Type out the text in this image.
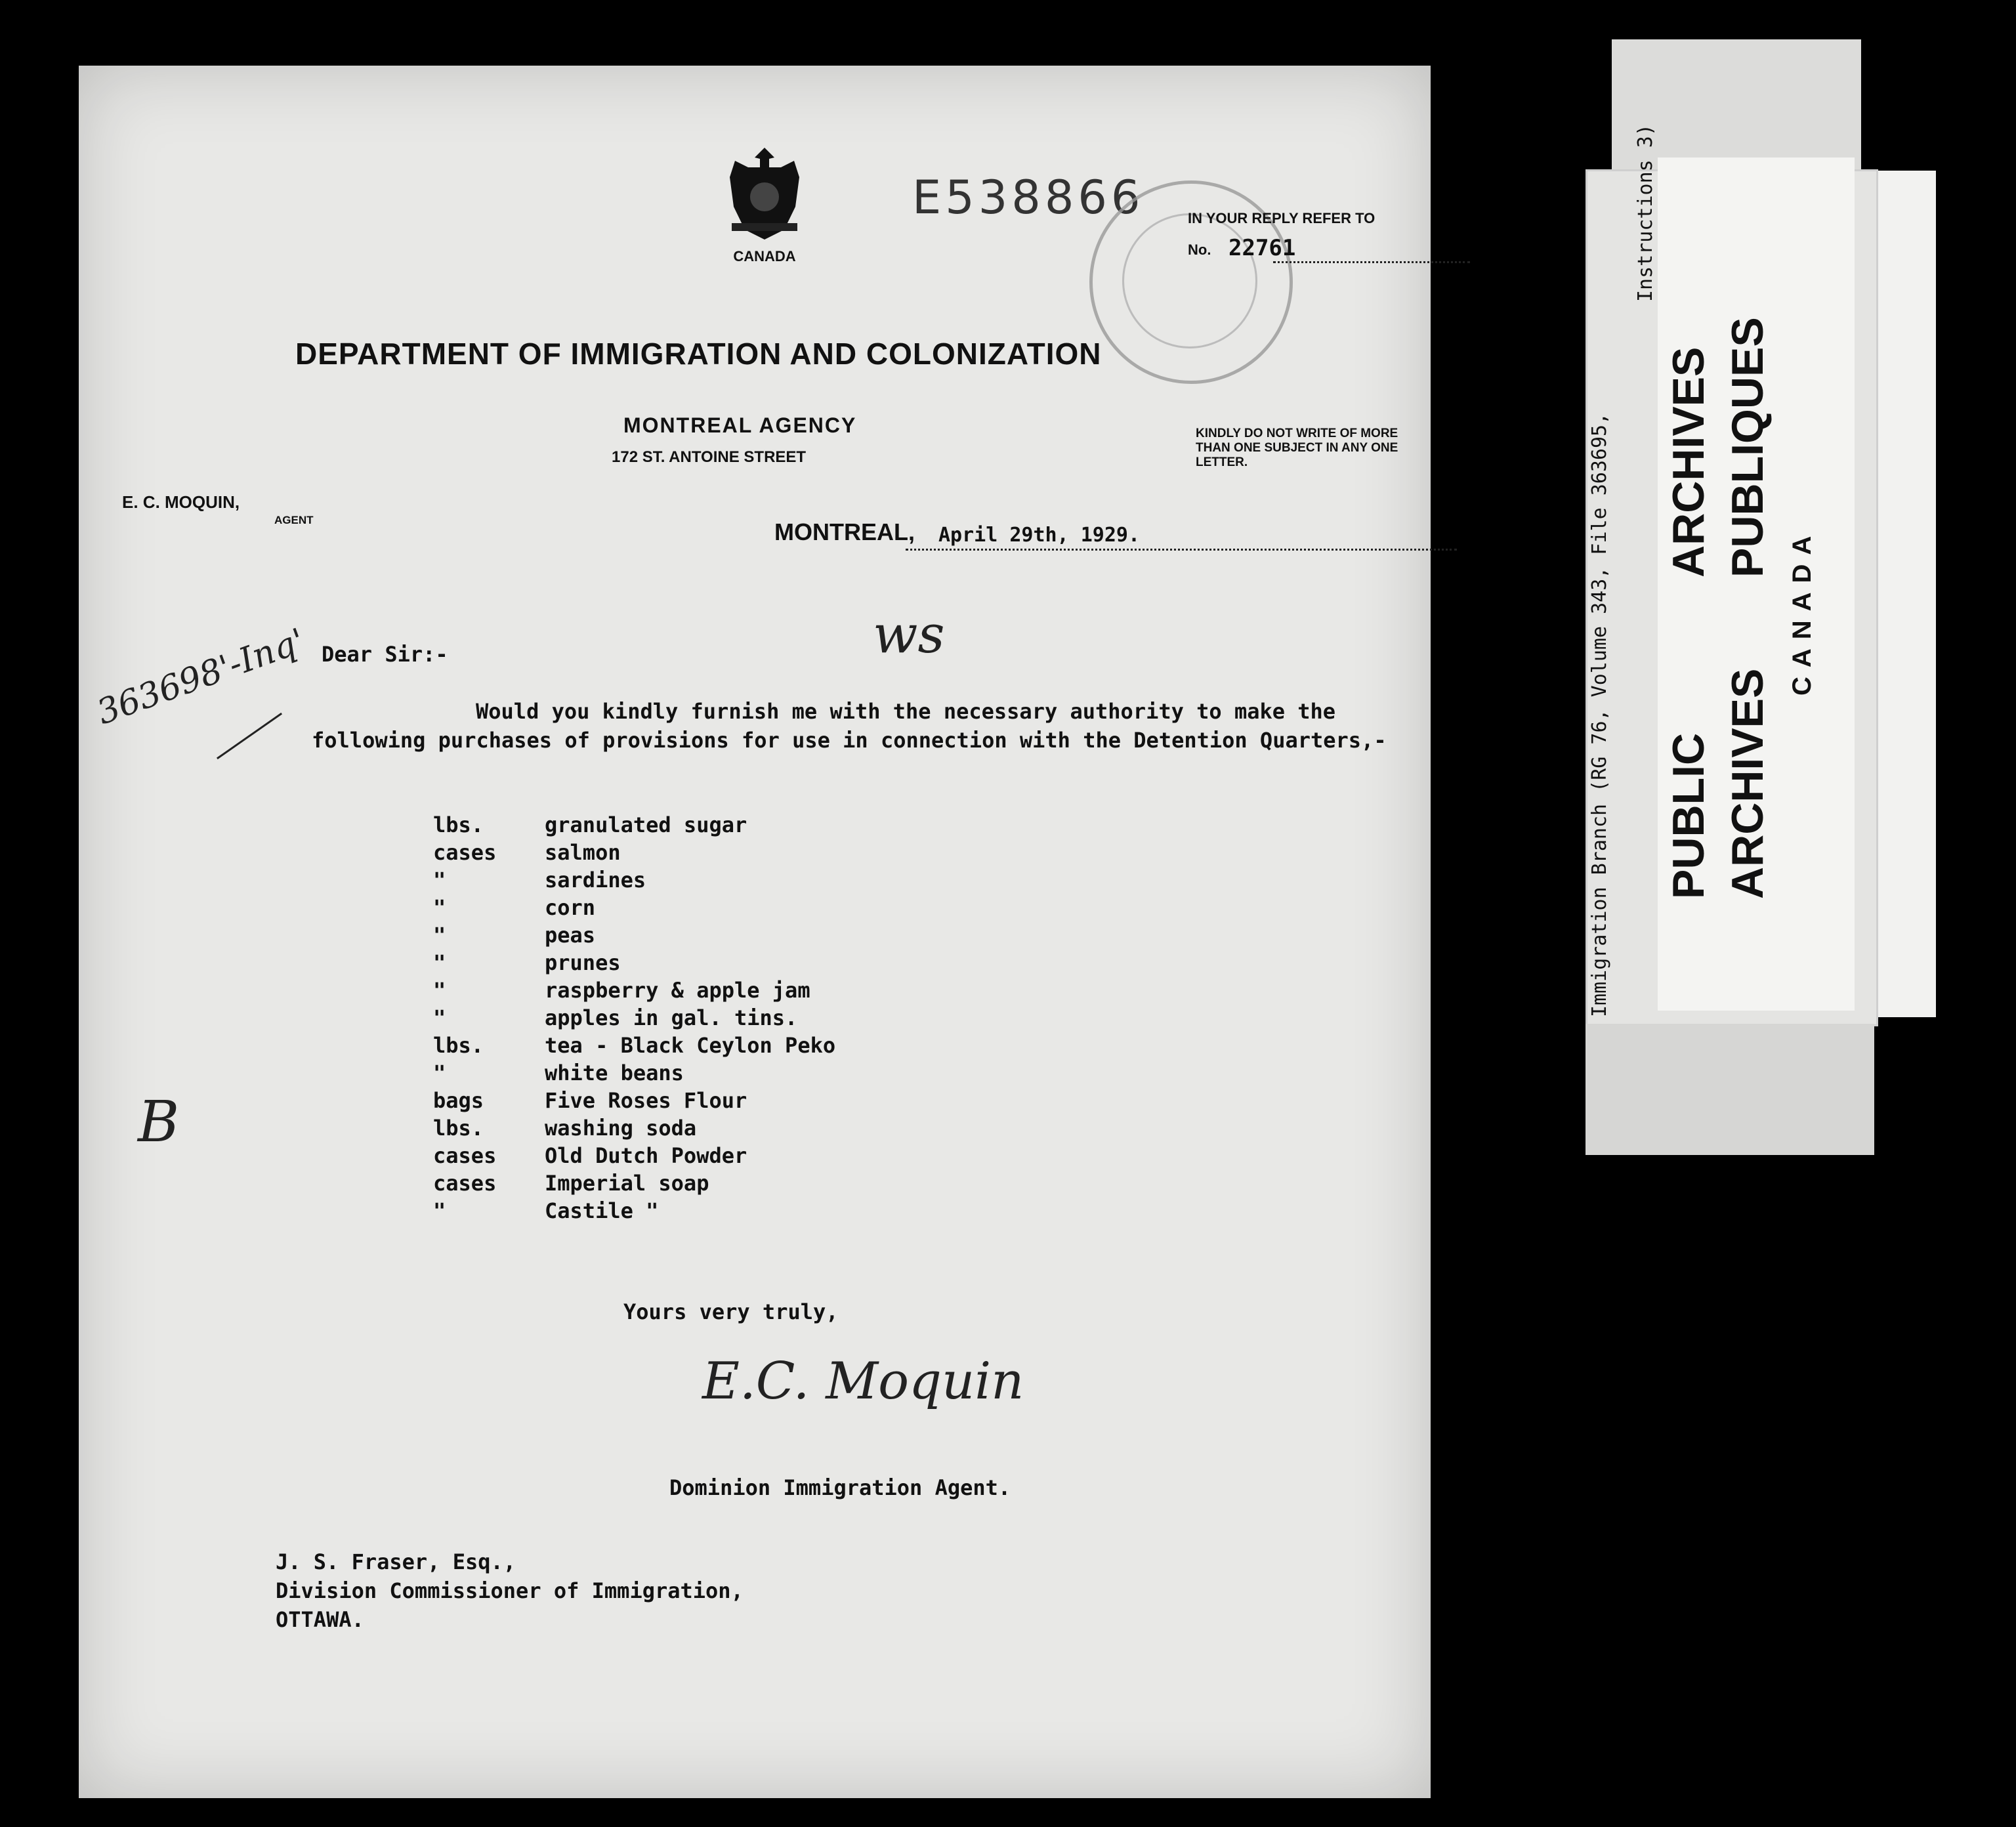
CANADA
E538866	IN YOUR REPLY REFER TO
No. 22761
DEPARTMENT OF IMMIGRATION AND COLONIZATION
MONTREAL AGENCY
172 ST. ANTOINE STREET
E. C. MOQUIN,
AGENT
KINDLY DO NOT WRITE OF MORE THAN ONE SUBJECT IN ANY ONE LETTER.
MONTREAL, April 29th, 1929.
363698'-Inq'	ws
B
Dear Sir:-
Would you kindly furnish me with the necessary authority to make the following purchases of provisions for use in connection with the Detention Quarters,-
lbs.	granulated sugar
cases salmon
"	sardines
"	corn
"	peas
"	prunes
"	raspberry & apple jam
"	apples in gal. tins.
lbs.	tea - Black Ceylon Peko
"	white beans
bags	Five Roses Flour
lbs.	washing soda
cases Old Dutch Powder
cases Imperial soap
"	Castile "
Yours very truly,
E.C. Moquin
Dominion Immigration Agent.
J. S. Fraser, Esq.,
Division Commissioner of Immigration,
OTTAWA.
Immigration Branch (RG 76, Volume 343, File 363695,
Instructions 3)
PUBLIC
ARCHIVES
ARCHIVES
PUBLIQUES
CANADA
